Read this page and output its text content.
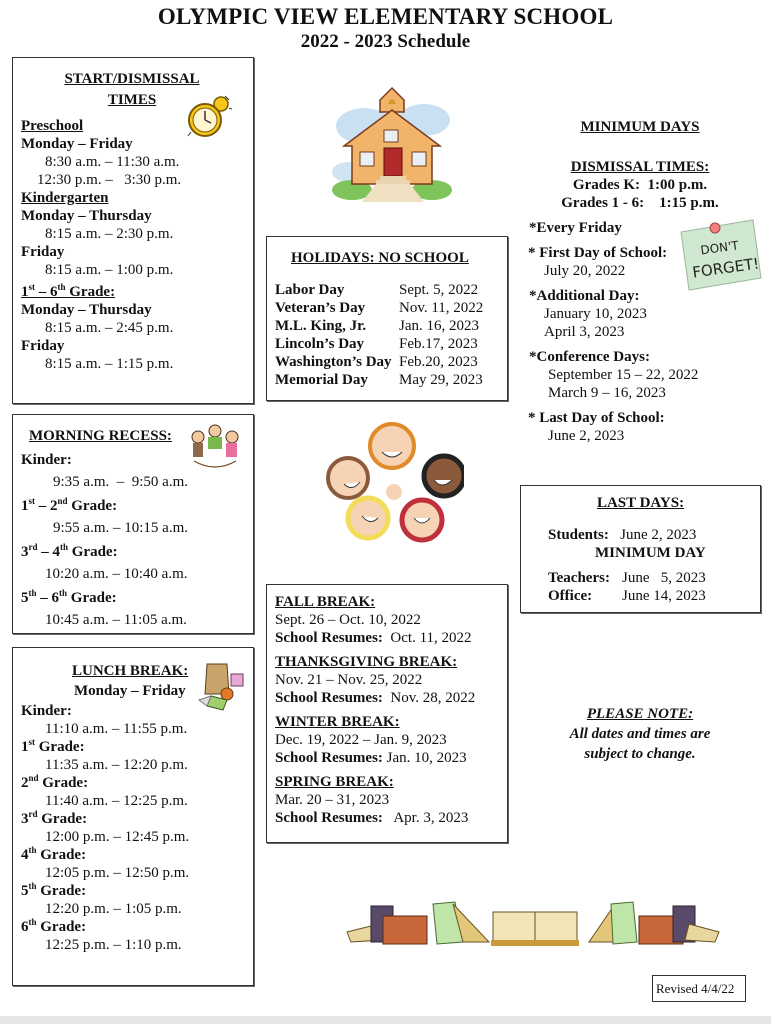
OLYMPIC VIEW ELEMENTARY SCHOOL
2022 - 2023 Schedule
START/DISMISSAL
TIMES
Preschool
Monday – Friday
8:30 a.m. – 11:30 a.m.
12:30 p.m. –   3:30 p.m.
Kindergarten
Monday – Thursday
8:15 a.m. – 2:30 p.m.
Friday
8:15 a.m. – 1:00 p.m.
1st – 6th Grade:
Monday – Thursday
8:15 a.m. – 2:45 p.m.
Friday
8:15 a.m. – 1:15 p.m.
MORNING RECESS:
Kinder:
9:35 a.m.  –  9:50 a.m.
1st – 2nd Grade:
9:55 a.m. – 10:15 a.m.
3rd – 4th Grade:
10:20 a.m. – 10:40 a.m.
5th – 6th Grade:
10:45 a.m. – 11:05 a.m.
LUNCH BREAK:
Monday – Friday
Kinder:
11:10 a.m. – 11:55 p.m.
1st Grade:
11:35 a.m. – 12:20 p.m.
2nd Grade:
11:40 a.m. – 12:25 p.m.
3rd Grade:
12:00 p.m. – 12:45 p.m.
4th Grade:
12:05 p.m. – 12:50 p.m.
5th Grade:
12:20 p.m. – 1:05 p.m.
6th Grade:
12:25 p.m. – 1:10 p.m.
HOLIDAYS: NO SCHOOL
Labor Day	Sept. 5, 2022
Veteran’s Day	Nov. 11, 2022
M.L. King, Jr.	Jan. 16, 2023
Lincoln’s Day	Feb.17, 2023
Washington’s Day Feb.20, 2023
Memorial Day	May 29, 2023
FALL BREAK:
Sept. 26 – Oct. 10, 2022
School Resumes:  Oct. 11, 2022
THANKSGIVING BREAK:
Nov. 21 – Nov. 25, 2022
School Resumes:  Nov. 28, 2022
WINTER BREAK:
Dec. 19, 2022 – Jan. 9, 2023
School Resumes: Jan. 10, 2023
SPRING BREAK:
Mar. 20 – 31, 2023
School Resumes:   Apr. 3, 2023
MINIMUM DAYS
DISMISSAL TIMES:
Grades K:  1:00 p.m.
Grades 1 - 6:    1:15 p.m.
*Every Friday
* First Day of School:
July 20, 2022
*Additional Day:
January 10, 2023
April 3, 2023
*Conference Days:
September 15 – 22, 2022
March 9 – 16, 2023
* Last Day of School:
June 2, 2023
DON'T
FORGET!
LAST DAYS:
Students: June 2, 2023
MINIMUM DAY
Teachers: June   5, 2023
Office:	June 14, 2023
PLEASE NOTE:
All dates and times are
subject to change.
Revised 4/4/22
